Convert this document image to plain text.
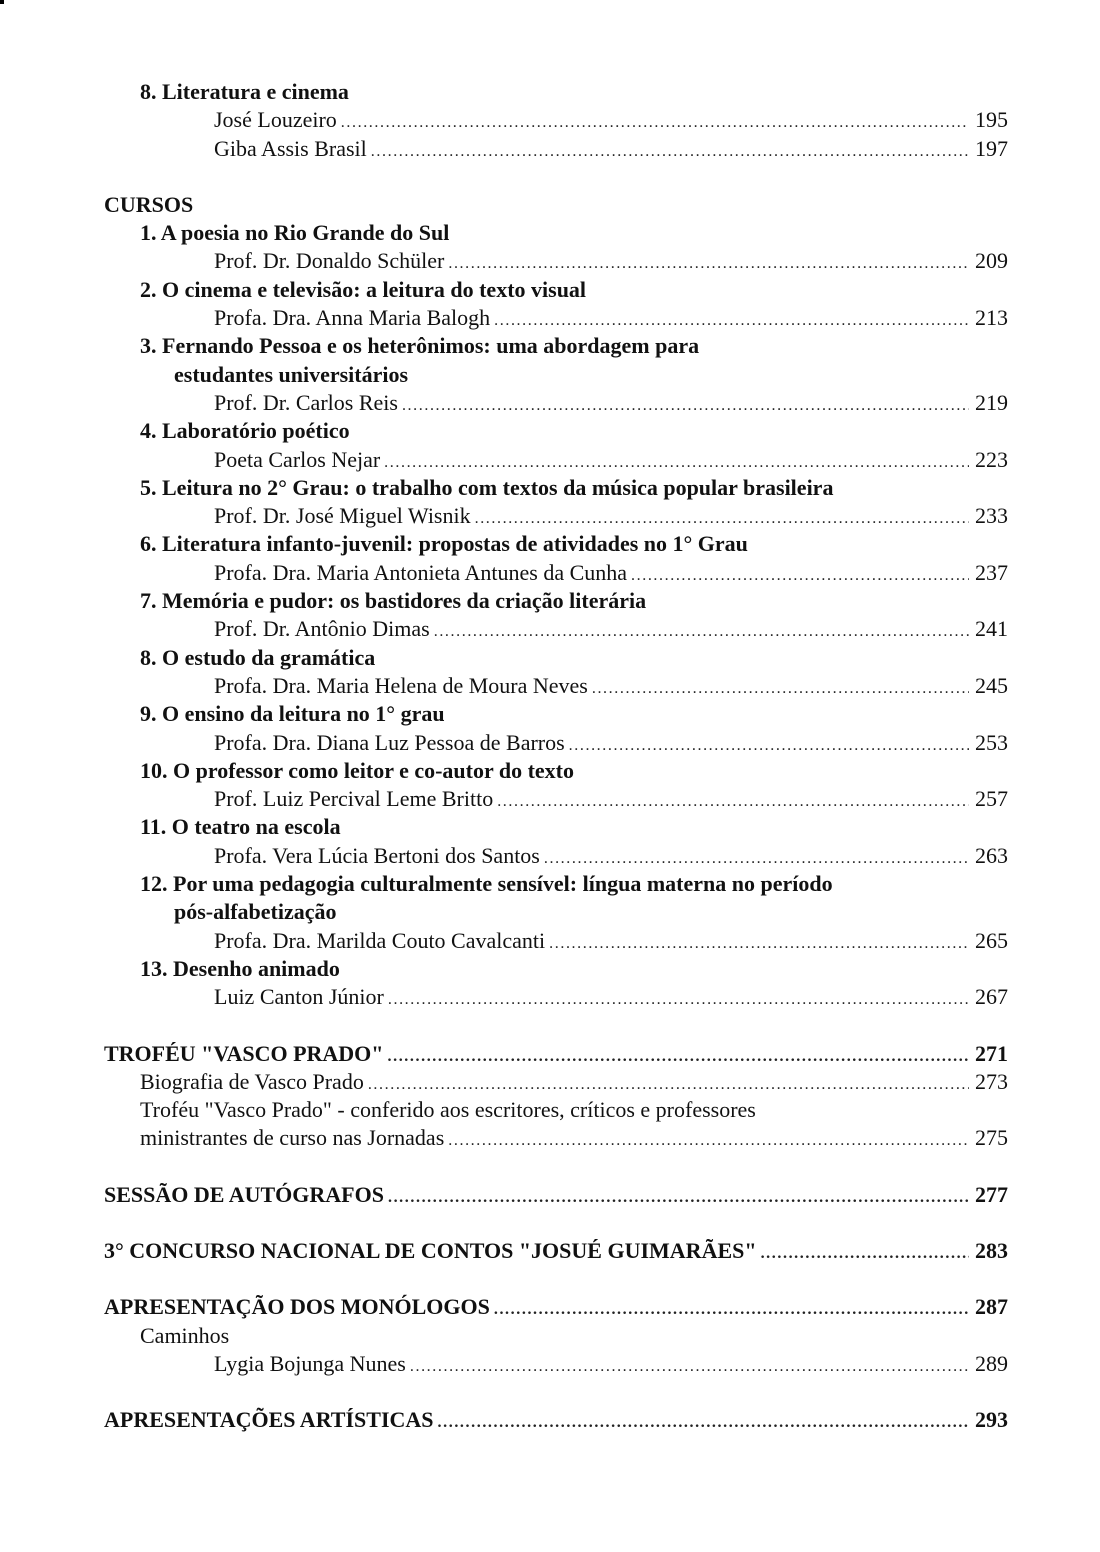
8. Literatura e cinema
José Louzeiro .....	195
Giba Assis Brasil .....	197
CURSOS
1. A poesia no Rio Grande do Sul
Prof. Dr. Donaldo Schüler .....	209
2. O cinema e televisão: a leitura do texto visual
Profa. Dra. Anna Maria Balogh .....	213
3. Fernando Pessoa e os heterônimos: uma abordagem para
estudantes universitários
Prof. Dr. Carlos Reis .....	219
4. Laboratório poético
Poeta Carlos Nejar .....	223
5. Leitura no 2° Grau: o trabalho com textos da música popular brasileira
Prof. Dr. José Miguel Wisnik .....	233
6. Literatura infanto-juvenil: propostas de atividades no 1° Grau
Profa. Dra. Maria Antonieta Antunes da Cunha .....	237
7. Memória e pudor: os bastidores da criação literária
Prof. Dr. Antônio Dimas .....	241
8. O estudo da gramática
Profa. Dra. Maria Helena de Moura Neves .....	245
9. O ensino da leitura no 1° grau
Profa. Dra. Diana Luz Pessoa de Barros .....	253
10. O professor como leitor e co-autor do texto
Prof. Luiz Percival Leme Britto .....	257
11. O teatro na escola
Profa. Vera Lúcia Bertoni dos Santos .....	263
12. Por uma pedagogia culturalmente sensível: língua materna no período
pós-alfabetização
Profa. Dra. Marilda Couto Cavalcanti .....	265
13. Desenho animado
Luiz Canton Júnior .....	267
TROFÉU "VASCO PRADO" .....	271
Biografia de Vasco Prado .....	273
Troféu "Vasco Prado" - conferido aos escritores, críticos e professores
ministrantes de curso nas Jornadas .....	275
SESSÃO DE AUTÓGRAFOS .....	277
3° CONCURSO NACIONAL DE CONTOS "JOSUÉ GUIMARÃES" .....	283
APRESENTAÇÃO DOS MONÓLOGOS .....	287
Caminhos
Lygia Bojunga Nunes .....	289
APRESENTAÇÕES ARTÍSTICAS .....	293
